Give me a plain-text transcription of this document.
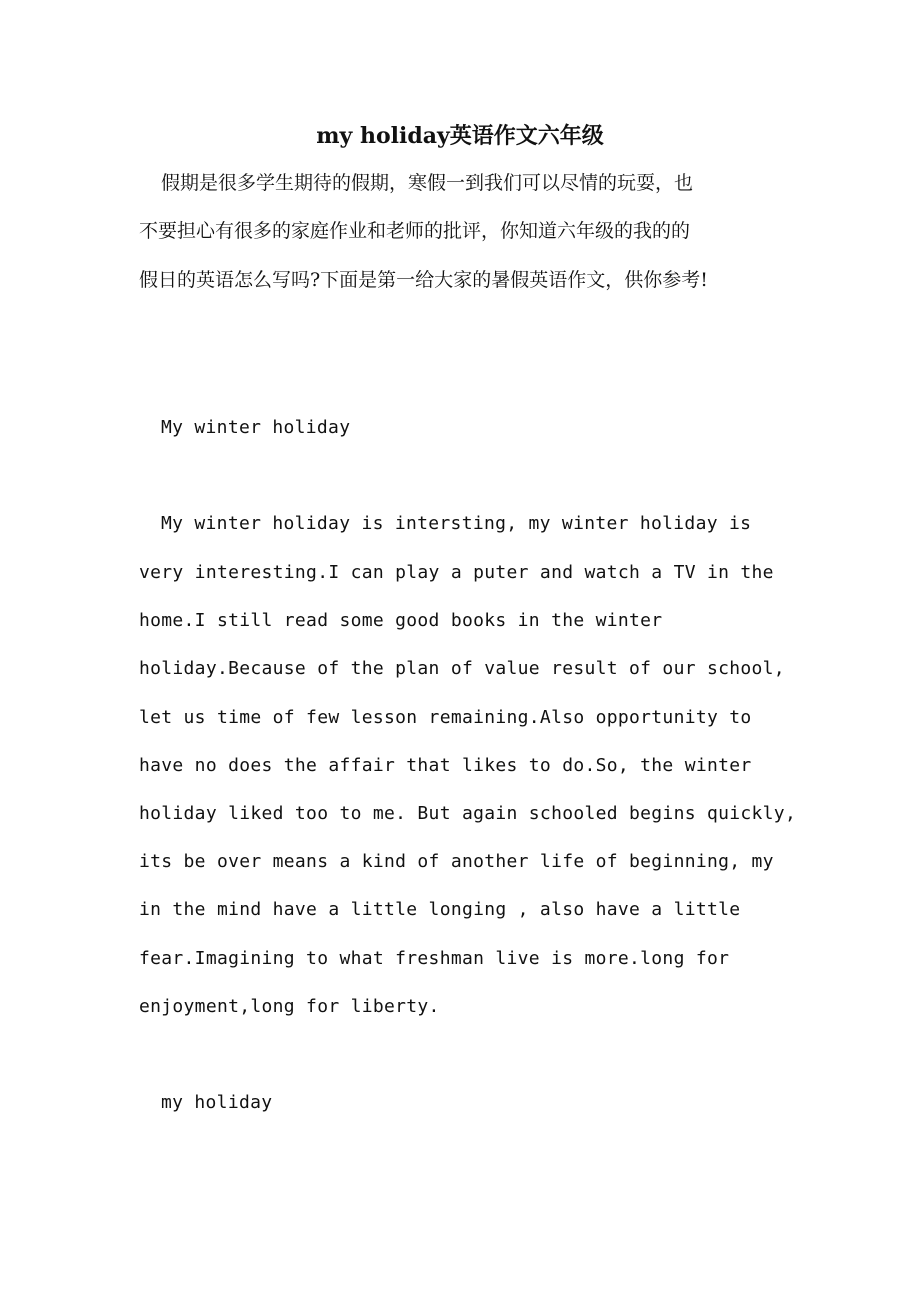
my holiday英语作文六年级
假期是很多学生期待的假期，寒假一到我们可以尽情的玩耍，也
不要担心有很多的家庭作业和老师的批评，你知道六年级的我的的
假日的英语怎么写吗?下面是第一给大家的暑假英语作文，供你参考!
My winter holiday
My winter holiday is intersting, my winter holiday is
very interesting.I can play a puter and watch a TV in the
home.I still read some good books in the winter
holiday.Because of the plan of value result of our school,
let us time of few lesson remaining.Also opportunity to
have no does the affair that likes to do.So, the winter
holiday liked too to me. But again schooled begins quickly,
its be over means a kind of another life of beginning, my
in the mind have a little longing , also have a little
fear.Imagining to what freshman live is more.long for
enjoyment,long for liberty.
my holiday
